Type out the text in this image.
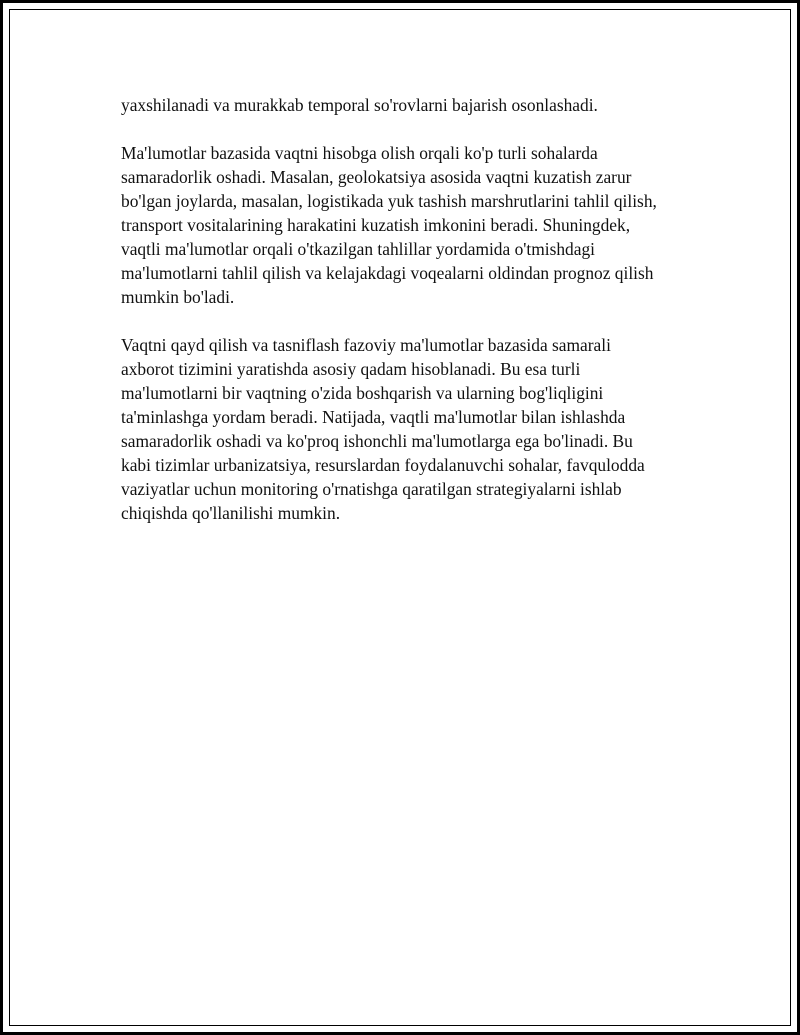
yaxshilanadi va murakkab temporal so'rovlarni bajarish osonlashadi.

Ma'lumotlar bazasida vaqtni hisobga olish orqali ko'p turli sohalarda
samaradorlik oshadi. Masalan, geolokatsiya asosida vaqtni kuzatish zarur
bo'lgan joylarda, masalan, logistikada yuk tashish marshrutlarini tahlil qilish,
transport vositalarining harakatini kuzatish imkonini beradi. Shuningdek,
vaqtli ma'lumotlar orqali o'tkazilgan tahlillar yordamida o'tmishdagi
ma'lumotlarni tahlil qilish va kelajakdagi voqealarni oldindan prognoz qilish
mumkin bo'ladi.

Vaqtni qayd qilish va tasniflash fazoviy ma'lumotlar bazasida samarali
axborot tizimini yaratishda asosiy qadam hisoblanadi. Bu esa turli
ma'lumotlarni bir vaqtning o'zida boshqarish va ularning bog'liqligini
ta'minlashga yordam beradi. Natijada, vaqtli ma'lumotlar bilan ishlashda
samaradorlik oshadi va ko'proq ishonchli ma'lumotlarga ega bo'linadi. Bu
kabi tizimlar urbanizatsiya, resurslardan foydalanuvchi sohalar, favqulodda
vaziyatlar uchun monitoring o'rnatishga qaratilgan strategiyalarni ishlab
chiqishda qo'llanilishi mumkin.
